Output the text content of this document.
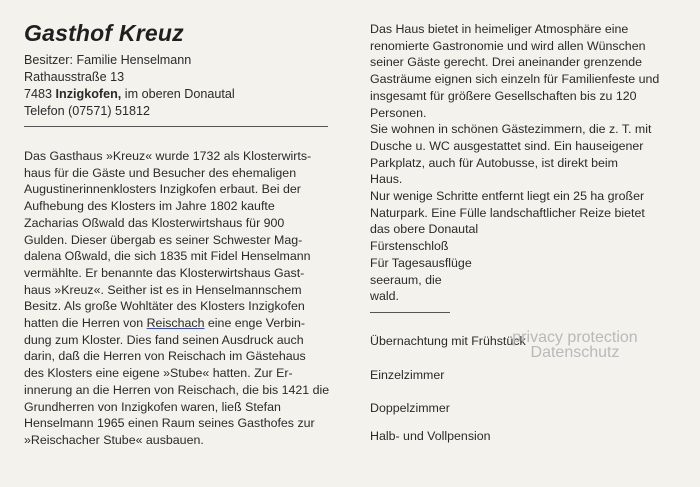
Gasthof Kreuz
Besitzer: Familie Henselmann
Rathausstraße 13
7483 Inzigkofen, im oberen Donautal
Telefon (07571) 51812
Das Gasthaus »Kreuz« wurde 1732 als Klosterwirts-
haus für die Gäste und Besucher des ehemaligen
Augustinerinnenklosters Inzigkofen erbaut. Bei der
Aufhebung des Klosters im Jahre 1802 kaufte
Zacharias Oßwald das Klosterwirtshaus für 900
Gulden. Dieser übergab es seiner Schwester Mag-
dalena Oßwald, die sich 1835 mit Fidel Henselmann
vermählte. Er benannte das Klosterwirtshaus Gast-
haus »Kreuz«. Seither ist es in Henselmannschem
Besitz. Als große Wohltäter des Klosters Inzigkofen
hatten die Herren von Reischach eine enge Verbin-
dung zum Kloster. Dies fand seinen Ausdruck auch
darin, daß die Herren von Reischach im Gästehaus
des Klosters eine eigene »Stube« hatten. Zur Er-
innerung an die Herren von Reischach, die bis 1421 die
Grundherren von Inzigkofen waren, ließ Stefan
Henselmann 1965 einen Raum seines Gasthofes zur
»Reischacher Stube« ausbauen.
Das Haus bietet in heimeliger Atmosphäre eine
renomierte Gastronomie und wird allen Wünschen
seiner Gäste gerecht. Drei aneinander grenzende
Gasträume eignen sich einzeln für Familienfeste und
insgesamt für größere Gesellschaften bis zu 120
Personen.
Sie wohnen in schönen Gästezimmern, die z. T. mit
Dusche u. WC ausgestattet sind. Ein hauseigener
Parkplatz, auch für Autobusse, ist direkt beim
Haus.
Nur wenige Schritte entfernt liegt ein 25 ha großer
Naturpark. Eine Fülle landschaftlicher Reize bietet
das obere Donautal
Fürstenschloß
Für Tagesausflüge
seeraum, die
wald.
Übernachtung mit Frühstück
Einzelzimmer
Doppelzimmer
Halb- und Vollpension
privacy protection
Datenschutz
